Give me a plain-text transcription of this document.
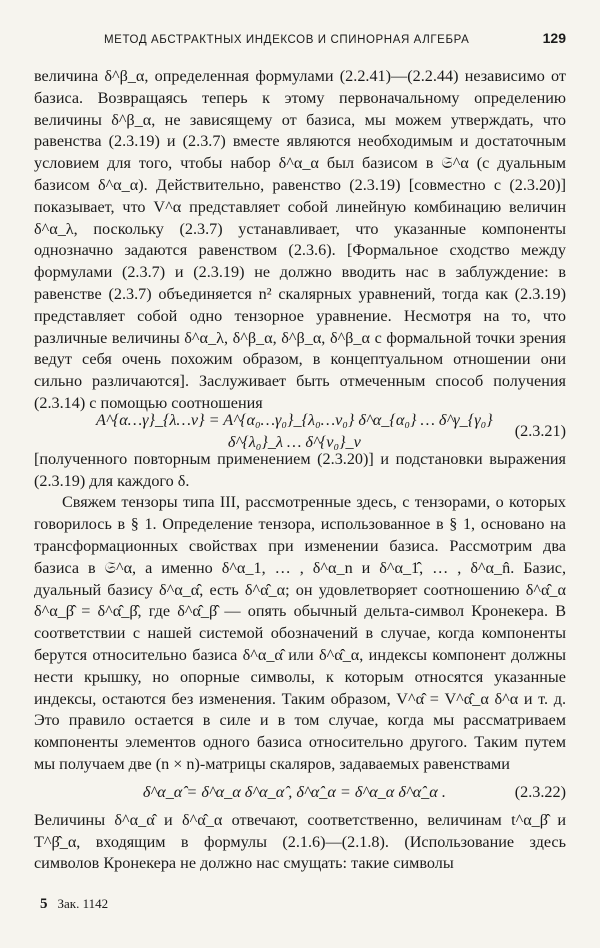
МЕТОД АБСТРАКТНЫХ ИНДЕКСОВ И СПИНОРНАЯ АЛГЕБРА	129

величина δ^β_α, определенная формулами (2.2.41)—(2.2.44) независимо от базиса. Возвращаясь теперь к этому первоначальному определению величины δ^β_α, не зависящему от базиса, мы можем утверждать, что равенства (2.3.19) и (2.3.7) вместе являются необходимым и достаточным условием для того, чтобы набор δ^α_α был базисом в 𝔖^α (с дуальным базисом δ^α_α). Действительно, равенство (2.3.19) [совместно с (2.3.20)] показывает, что V^α представляет собой линейную комбинацию величин δ^α_λ, поскольку (2.3.7) устанавливает, что указанные компоненты однозначно задаются равенством (2.3.6). [Формальное сходство между формулами (2.3.7) и (2.3.19) не должно вводить нас в заблуждение: в равенстве (2.3.7) объединяется n² скалярных уравнений, тогда как (2.3.19) представляет собой одно тензорное уравнение. Несмотря на то, что различные величины δ^α_λ, δ^β_α, δ^β_α, δ^β_α с формальной точки зрения ведут себя очень похожим образом, в концептуальном отношении они сильно различаются]. Заслуживает быть отмеченным способ получения (2.3.14) с помощью соотношения

A^{α…γ}_{λ…ν} = A^{α₀…γ₀}_{λ₀…ν₀} δ^α_{α₀} … δ^γ_{γ₀} δ^{λ₀}_λ … δ^{ν₀}_ν
(2.3.21)

[полученного повторным применением (2.3.20)] и подстановки выражения (2.3.19) для каждого δ.

Свяжем тензоры типа III, рассмотренные здесь, с тензорами, о которых говорилось в § 1. Определение тензора, использованное в § 1, основано на трансформационных свойствах при изменении базиса. Рассмотрим два базиса в 𝔖^α, а именно δ^α_1, … , δ^α_n и δ^α_1̂, … , δ^α_n̂. Базис, дуальный базису δ^α_α̂, есть δ^α̂_α; он удовлетворяет соотношению δ^α̂_α δ^α_β̂ = δ^α̂_β̂, где δ^α̂_β̂ — опять обычный дельта-символ Кронекера. В соответствии с нашей системой обозначений в случае, когда компоненты берутся относительно базиса δ^α_α̂ или δ^α̂_α, индексы компонент должны нести крышку, но опорные символы, к которым относятся указанные индексы, остаются без изменения. Таким образом, V^α̂ = V^α̂_α δ^α и т. д. Это правило остается в силе и в том случае, когда мы рассматриваем компоненты элементов одного базиса относительно другого. Таким путем мы получаем две (n × n)-матрицы скаляров, задаваемых равенствами

δ^α_α̂ = δ^α_α δ^α_α̂ , δ^α̂_α = δ^α_α δ^α̂_α .	(2.3.22)

Величины δ^α_α̂ и δ^α̂_α отвечают, соответственно, величинам t^α_β̂ и T^β̂_α, входящим в формулы (2.1.6)—(2.1.8). (Использование здесь символов Кронекера не должно нас смущать: такие символы

5 Зак. 1142
